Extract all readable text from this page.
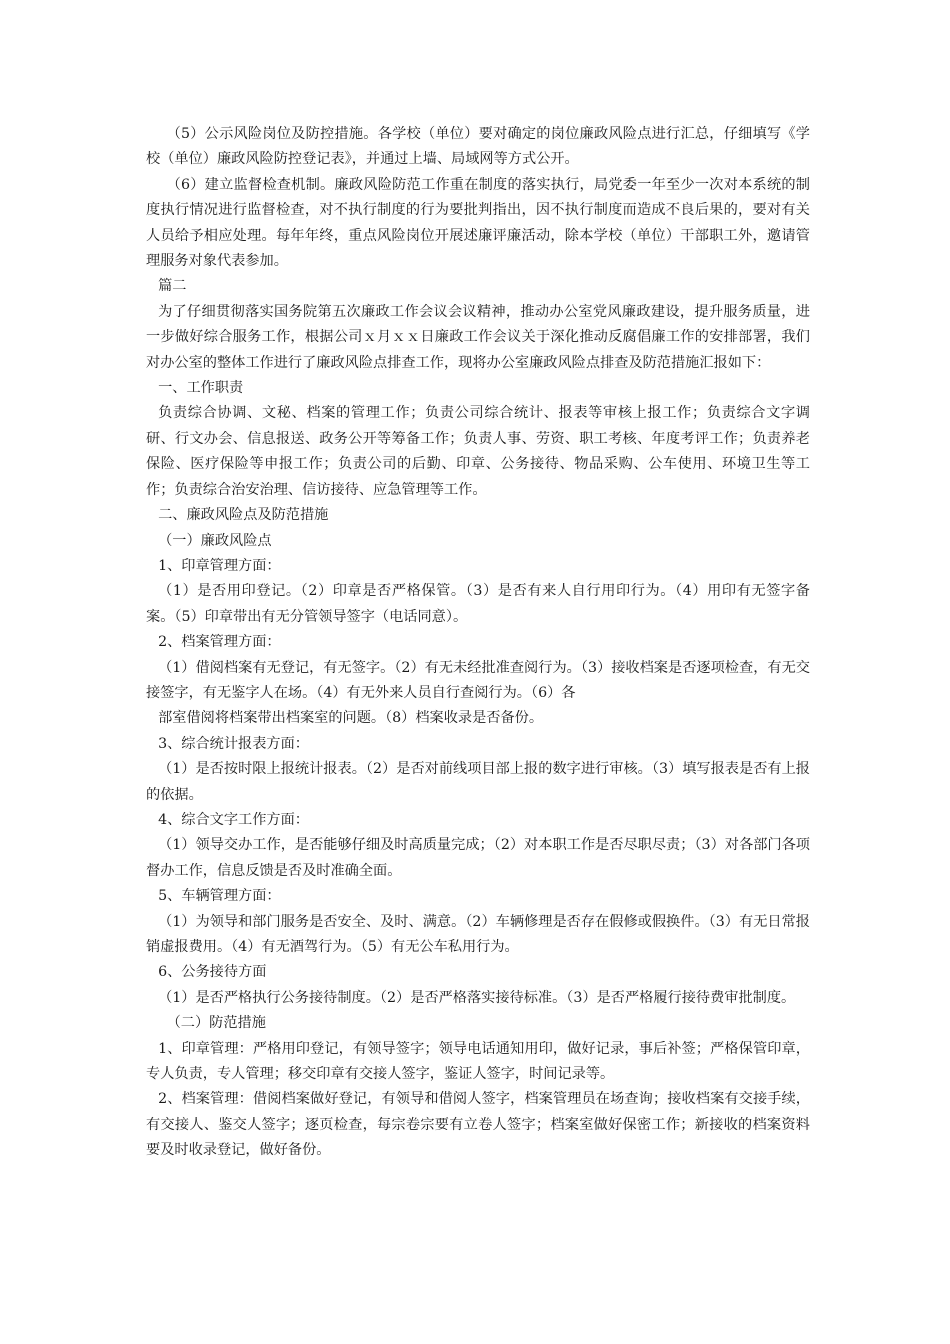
（5）公示风险岗位及防控措施。各学校（单位）要对确定的岗位廉政风险点进行汇总，仔细填写《学校（单位）廉政风险防控登记表》，并通过上墙、局域网等方式公开。

（6）建立监督检查机制。廉政风险防范工作重在制度的落实执行，局党委一年至少一次对本系统的制度执行情况进行监督检查，对不执行制度的行为要批判指出，因不执行制度而造成不良后果的，要对有关人员给予相应处理。每年年终，重点风险岗位开展述廉评廉活动，除本学校（单位）干部职工外，邀请管理服务对象代表参加。

篇二

为了仔细贯彻落实国务院第五次廉政工作会议会议精神，推动办公室党风廉政建设，提升服务质量，进一步做好综合服务工作，根据公司ｘ月ｘｘ日廉政工作会议关于深化推动反腐倡廉工作的安排部署，我们对办公室的整体工作进行了廉政风险点排查工作，现将办公室廉政风险点排查及防范措施汇报如下：

一、工作职责

负责综合协调、文秘、档案的管理工作；负责公司综合统计、报表等审核上报工作；负责综合文字调研、行文办会、信息报送、政务公开等筹备工作；负责人事、劳资、职工考核、年度考评工作；负责养老保险、医疗保险等申报工作；负责公司的后勤、印章、公务接待、物品采购、公车使用、环境卫生等工作；负责综合治安治理、信访接待、应急管理等工作。

二、廉政风险点及防范措施

（一）廉政风险点

1、印章管理方面：

（1）是否用印登记。（2）印章是否严格保管。（3）是否有来人自行用印行为。（4）用印有无签字备案。（5）印章带出有无分管领导签字（电话同意）。

2、档案管理方面：

（1）借阅档案有无登记，有无签字。（2）有无未经批准查阅行为。（3）接收档案是否逐项检查，有无交接签字，有无鉴字人在场。（4）有无外来人员自行查阅行为。（6）各

部室借阅将档案带出档案室的问题。（8）档案收录是否备份。

3、综合统计报表方面：

（1）是否按时限上报统计报表。（2）是否对前线项目部上报的数字进行审核。（3）填写报表是否有上报的依据。

4、综合文字工作方面：

（1）领导交办工作，是否能够仔细及时高质量完成；（2）对本职工作是否尽职尽责；（3）对各部门各项督办工作，信息反馈是否及时准确全面。

5、车辆管理方面：

（1）为领导和部门服务是否安全、及时、满意。（2）车辆修理是否存在假修或假换件。（3）有无日常报销虚报费用。（4）有无酒驾行为。（5）有无公车私用行为。

6、公务接待方面

（1）是否严格执行公务接待制度。（2）是否严格落实接待标准。（3）是否严格履行接待费审批制度。

（二）防范措施

1、印章管理：严格用印登记，有领导签字；领导电话通知用印，做好记录，事后补签；严格保管印章，专人负责，专人管理；移交印章有交接人签字，鉴证人签字，时间记录等。

2、档案管理：借阅档案做好登记，有领导和借阅人签字，档案管理员在场查询；接收档案有交接手续，有交接人、鉴交人签字；逐页检查，每宗卷宗要有立卷人签字；档案室做好保密工作；新接收的档案资料要及时收录登记，做好备份。
